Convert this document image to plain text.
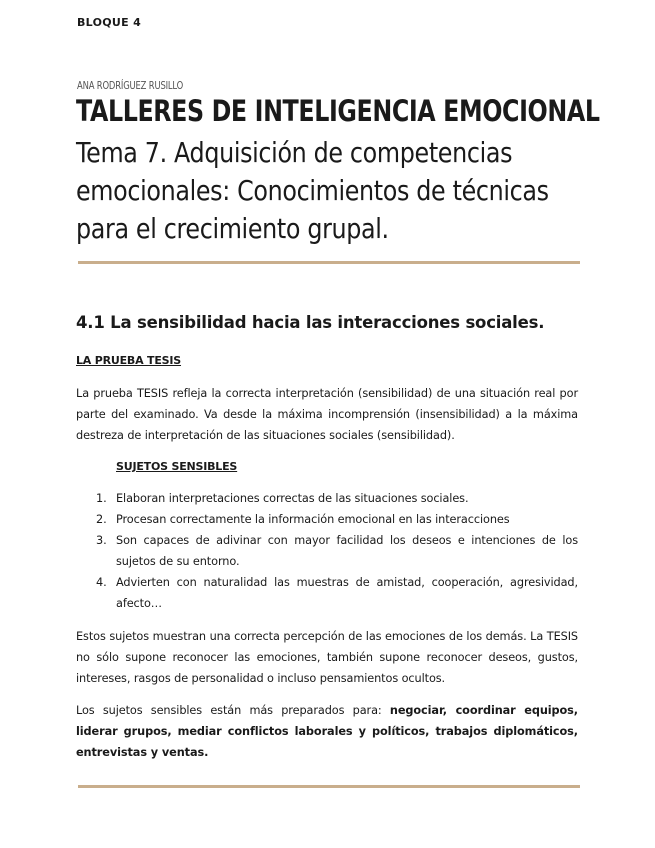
BLOQUE 4
ANA RODRÍGUEZ RUSILLO
TALLERES DE INTELIGENCIA EMOCIONAL
Tema 7. Adquisición de competencias emocionales: Conocimientos de técnicas para el crecimiento grupal.
4.1 La sensibilidad hacia las interacciones sociales.
LA PRUEBA TESIS
La prueba TESIS refleja la correcta interpretación (sensibilidad) de una situación real por parte del examinado. Va desde la máxima incomprensión (insensibilidad) a la máxima destreza de interpretación de las situaciones sociales (sensibilidad).
SUJETOS SENSIBLES
1. Elaboran interpretaciones correctas de las situaciones sociales.
2. Procesan correctamente la información emocional en las interacciones
3. Son capaces de adivinar con mayor facilidad los deseos e intenciones de los sujetos de su entorno.
4. Advierten con naturalidad las muestras de amistad, cooperación, agresividad, afecto…
Estos sujetos muestran una correcta percepción de las emociones de los demás. La TESIS no sólo supone reconocer las emociones, también supone reconocer deseos, gustos, intereses, rasgos de personalidad o incluso pensamientos ocultos.
Los sujetos sensibles están más preparados para: negociar, coordinar equipos, liderar grupos, mediar conflictos laborales y políticos, trabajos diplomáticos, entrevistas y ventas.
